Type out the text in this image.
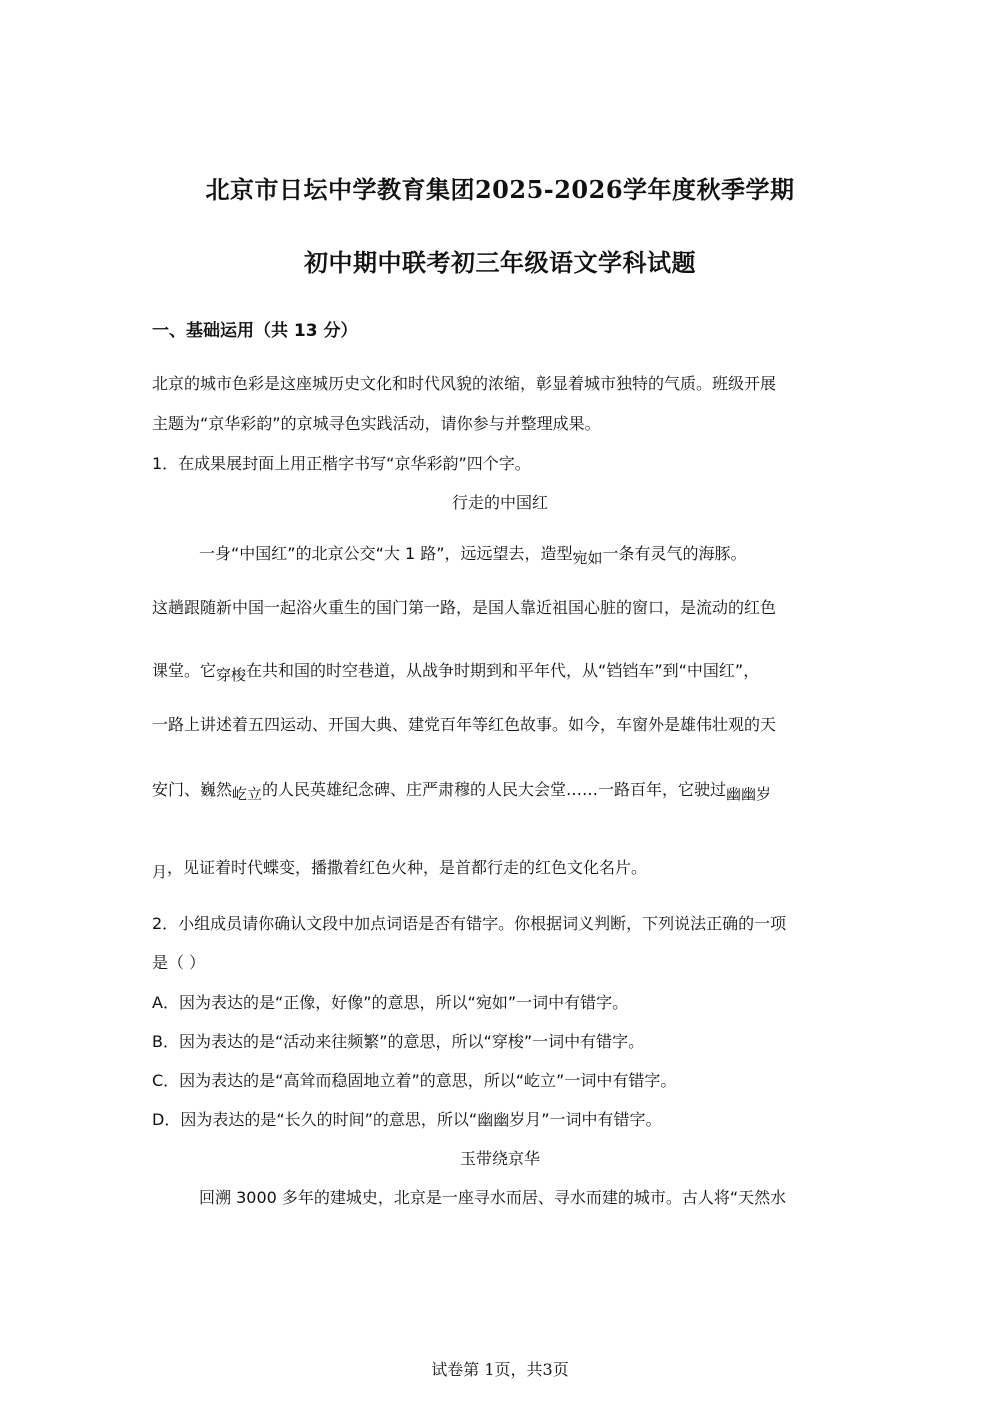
北京市日坛中学教育集团2025-2026学年度秋季学期
初中期中联考初三年级语文学科试题
一、基础运用（共 13 分）
北京的城市色彩是这座城历史文化和时代风貌的浓缩，彰显着城市独特的气质。班级开展
主题为“京华彩韵”的京城寻色实践活动，请你参与并整理成果。
1．在成果展封面上用正楷字书写“京华彩韵”四个字。
行走的中国红
一身“中国红”的北京公交“大 1 路”，远远望去，造型宛如一条有灵气的海豚。
这趟跟随新中国一起浴火重生的国门第一路，是国人靠近祖国心脏的窗口，是流动的红色
课堂。它穿梭在共和国的时空巷道，从战争时期到和平年代，从“铛铛车”到“中国红”，
一路上讲述着五四运动、开国大典、建党百年等红色故事。如今，车窗外是雄伟壮观的天
安门、巍然屹立的人民英雄纪念碑、庄严肃穆的人民大会堂……一路百年，它驶过幽幽岁
月，见证着时代蝶变，播撒着红色火种，是首都行走的红色文化名片。
2．小组成员请你确认文段中加点词语是否有错字。你根据词义判断，下列说法正确的一项
是（ ）
A．因为表达的是“正像，好像”的意思，所以“宛如”一词中有错字。
B．因为表达的是“活动来往频繁”的意思，所以“穿梭”一词中有错字。
C．因为表达的是“高耸而稳固地立着”的意思，所以“屹立”一词中有错字。
D．因为表达的是“长久的时间”的意思，所以“幽幽岁月”一词中有错字。
玉带绕京华
回溯 3000 多年的建城史，北京是一座寻水而居、寻水而建的城市。古人将“天然水
试卷第 1页，共3页
